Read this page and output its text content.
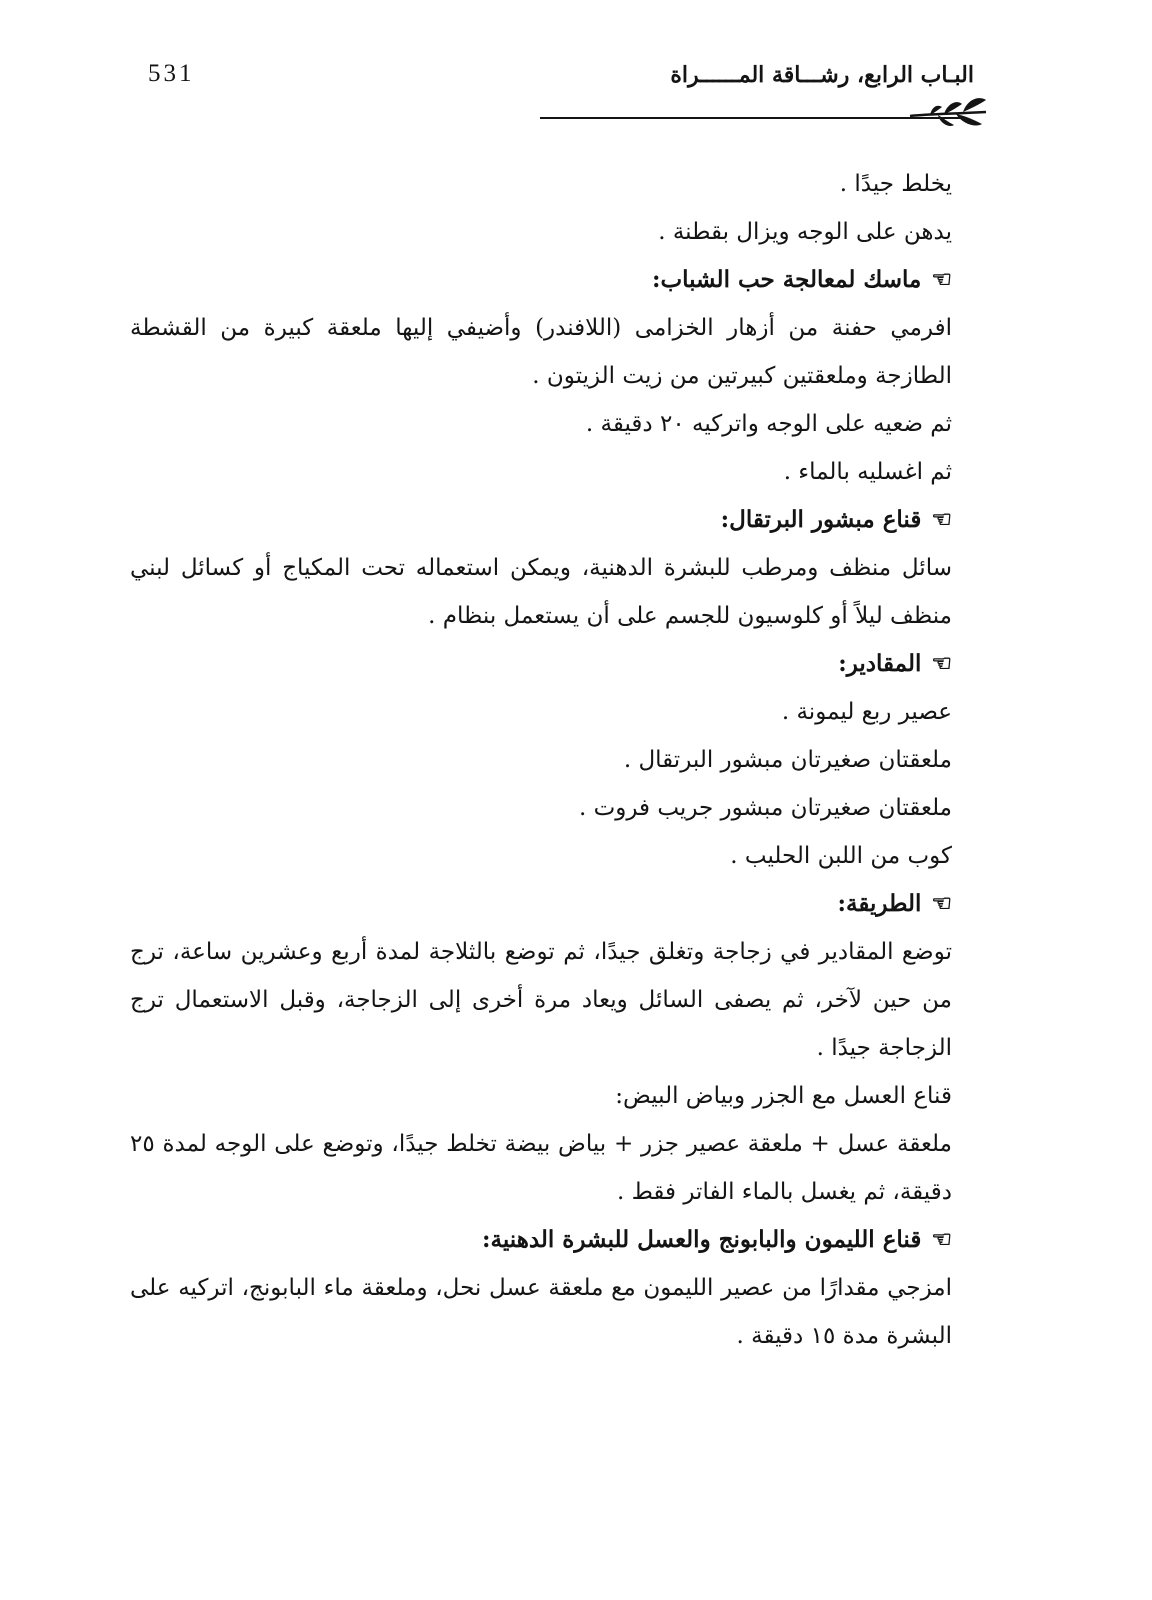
531	البـاب الرابع، رشـــاقة المــــــراة
يخلط جيدًا .
يدهن على الوجه ويزال بقطنة .
☜ماسك لمعالجة حب الشباب:
افرمي حفنة من أزهار الخزامى (اللافندر) وأضيفي إليها ملعقة كبيرة من القشطة الطازجة وملعقتين كبيرتين من زيت الزيتون .
ثم ضعيه على الوجه واتركيه ٢٠ دقيقة .
ثم اغسليه بالماء .
☜قناع مبشور البرتقال:
سائل منظف ومرطب للبشرة الدهنية، ويمكن استعماله تحت المكياج أو كسائل لبني منظف ليلاً أو كلوسيون للجسم على أن يستعمل بنظام .
☜المقادير:
عصير ربع ليمونة .
ملعقتان صغيرتان مبشور البرتقال .
ملعقتان صغيرتان مبشور جريب فروت .
كوب من اللبن الحليب .
☜الطريقة:
توضع المقادير في زجاجة وتغلق جيدًا، ثم توضع بالثلاجة لمدة أربع وعشرين ساعة، ترج من حين لآخر، ثم يصفى السائل ويعاد مرة أخرى إلى الزجاجة، وقبل الاستعمال ترج الزجاجة جيدًا .
قناع العسل مع الجزر وبياض البيض:
ملعقة عسل + ملعقة عصير جزر + بياض بيضة تخلط جيدًا، وتوضع على الوجه لمدة ٢٥ دقيقة، ثم يغسل بالماء الفاتر فقط .
☜قناع الليمون والبابونج والعسل للبشرة الدهنية:
امزجي مقدارًا من عصير الليمون مع ملعقة عسل نحل، وملعقة ماء البابونج، اتركيه على البشرة مدة ١٥ دقيقة .
